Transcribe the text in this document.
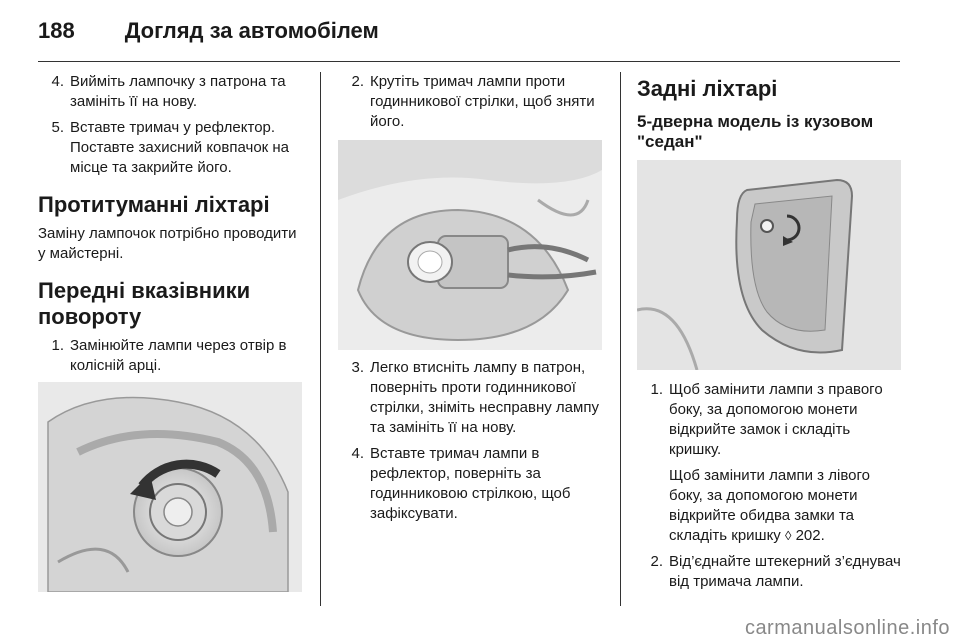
188 Догляд за автомобілем
4. Вийміть лампочку з патрона та замініть її на нову.
5. Вставте тримач у рефлектор. Поставте захисний ковпачок на місце та закрийте його.
Протитуманні ліхтарі

Заміну лампочок потрібно проводити у майстерні.

Передні вказівники повороту
1. Замінюйте лампи через отвір в колісній арці.
2. Крутіть тримач лампи проти годинникової стрілки, щоб зняти його.
3. Легко втисніть лампу в патрон, поверніть проти годинникової стрілки, зніміть несправну лампу та замініть її на нову.
4. Вставте тримач лампи в рефлектор, поверніть за годинниковою стрілкою, щоб зафіксувати.
Задні ліхтарі
5-дверна модель із кузовом "седан"
1. Щоб замінити лампи з правого боку, за допомогою монети відкрийте замок і складіть кришку.
Щоб замінити лампи з лівого боку, за допомогою монети відкрийте обидва замки та складіть кришку ◊ 202.
2. Від’єднайте штекерний з’єднувач від тримача лампи.
carmanualsonline.info
